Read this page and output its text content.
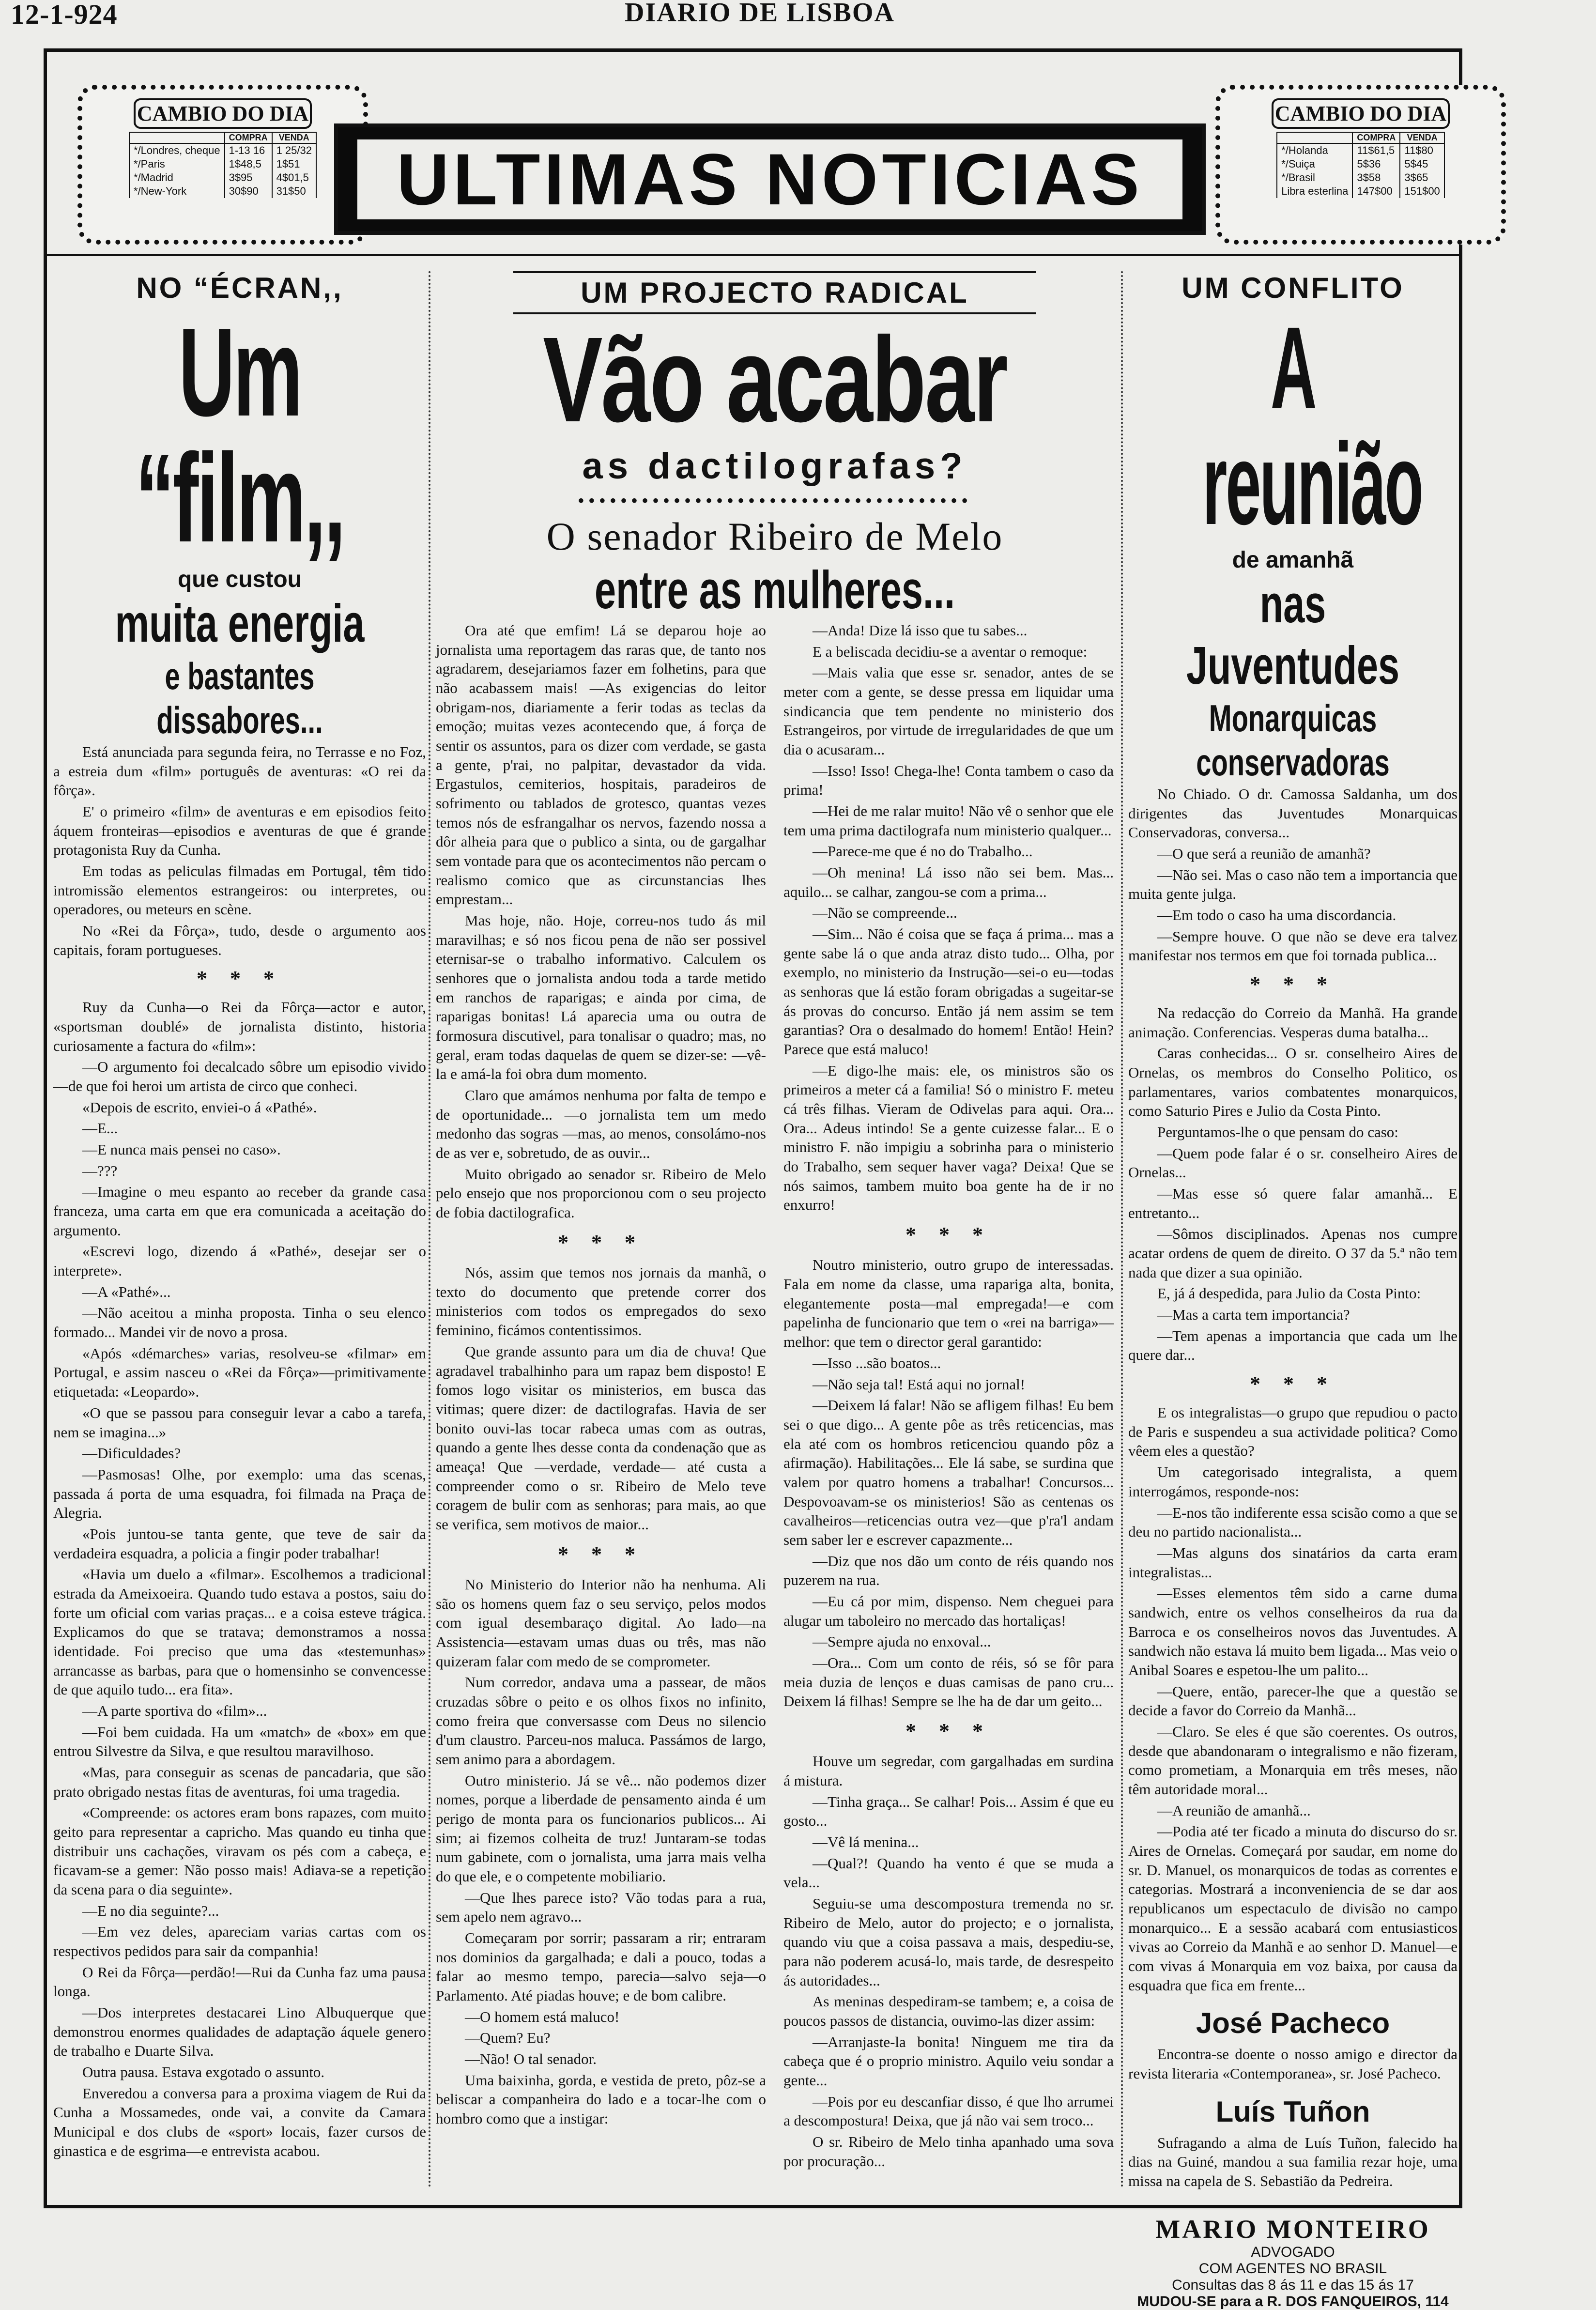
12-1-924	DIARIO DE LISBOA
CAMBIO DO DIA
	COMPRA	VENDA
*/Londres, cheque	1-13 16	1 25/32
*/Paris	1$48,5	1$51
*/Madrid	3$95	4$01,5
*/New-York	30$90	31$50
CAMBIO DO DIA
	COMPRA	VENDA
*/Holanda	11$61,5	11$80
*/Suiça	5$36	5$45
*/Brasil	3$58	3$65
Libra esterlina	147$00	151$00
ULTIMAS NOTICIAS
NO “ÉCRAN,,
Um “film,,
que custou
muita energia
e bastantes dissabores...

Está anunciada para segunda feira, no Terrasse e no Foz, a estreia dum «film» português de aventuras: «O rei da fôrça».

E' o primeiro «film» de aventuras e em episodios feito áquem fronteiras—episodios e aventuras de que é grande protagonista Ruy da Cunha.

Em todas as peliculas filmadas em Portugal, têm tido intromissão elementos estrangeiros: ou interpretes, ou operadores, ou meteurs en scène.

No «Rei da Fôrça», tudo, desde o argumento aos capitais, foram portugueses.

* * *

Ruy da Cunha—o Rei da Fôrça—actor e autor, «sportsman doublé» de jornalista distinto, historia curiosamente a factura do «film»:

—O argumento foi decalcado sôbre um episodio vivido—de que foi heroi um artista de circo que conheci.

«Depois de escrito, enviei-o á «Pathé».

—E...

—E nunca mais pensei no caso».

—???

—Imagine o meu espanto ao receber da grande casa franceza, uma carta em que era comunicada a aceitação do argumento.

«Escrevi logo, dizendo á «Pathé», desejar ser o interprete».

—A «Pathé»...

—Não aceitou a minha proposta. Tinha o seu elenco formado... Mandei vir de novo a prosa.

«Após «démarches» varias, resolveu-se «filmar» em Portugal, e assim nasceu o «Rei da Fôrça»—primitivamente etiquetada: «Leopardo».

«O que se passou para conseguir levar a cabo a tarefa, nem se imagina...»

—Dificuldades?

—Pasmosas! Olhe, por exemplo: uma das scenas, passada á porta de uma esquadra, foi filmada na Praça de Alegria.

«Pois juntou-se tanta gente, que teve de sair da verdadeira esquadra, a policia a fingir poder trabalhar!

«Havia um duelo a «filmar». Escolhemos a tradicional estrada da Ameixoeira. Quando tudo estava a postos, saiu do forte um oficial com varias praças... e a coisa esteve trágica. Explicamos do que se tratava; demonstramos a nossa identidade. Foi preciso que uma das «testemunhas» arrancasse as barbas, para que o homensinho se convencesse de que aquilo tudo... era fita».

—A parte sportiva do «film»...

—Foi bem cuidada. Ha um «match» de «box» em que entrou Silvestre da Silva, e que resultou maravilhoso.

«Mas, para conseguir as scenas de pancadaria, que são prato obrigado nestas fitas de aventuras, foi uma tragedia.

«Compreende: os actores eram bons rapazes, com muito geito para representar a capricho. Mas quando eu tinha que distribuir uns cachações, viravam os pés com a cabeça, e ficavam-se a gemer: Não posso mais! Adiava-se a repetição da scena para o dia seguinte».

—E no dia seguinte?...

—Em vez deles, apareciam varias cartas com os respectivos pedidos para sair da companhia!

O Rei da Fôrça—perdão!—Rui da Cunha faz uma pausa longa.

—Dos interpretes destacarei Lino Albuquerque que demonstrou enormes qualidades de adaptação áquele genero de trabalho e Duarte Silva.

Outra pausa. Estava exgotado o assunto.

Enveredou a conversa para a proxima viagem de Rui da Cunha a Mossamedes, onde vai, a convite da Camara Municipal e dos clubs de «sport» locais, fazer cursos de ginastica e de esgrima—e entrevista acabou.

UM PROJECTO RADICAL
Vão acabar
as dactilografas?
•••••••••••••••••••••••••••••••••••••
O senador Ribeiro de Melo
entre as mulheres...

Ora até que emfim! Lá se deparou hoje ao jornalista uma reportagem das raras que, de tanto nos agradarem, desejariamos fazer em folhetins, para que não acabassem mais! —As exigencias do leitor obrigam-nos, diariamente a ferir todas as teclas da emoção; muitas vezes acontecendo que, á força de sentir os assuntos, para os dizer com verdade, se gasta a gente, p'rai, no palpitar, devastador da vida. Ergastulos, cemiterios, hospitais, paradeiros de sofrimento ou tablados de grotesco, quantas vezes temos nós de esfrangalhar os nervos, fazendo nossa a dôr alheia para que o publico a sinta, ou de gargalhar sem vontade para que os acontecimentos não percam o realismo comico que as circunstancias lhes emprestam...

Mas hoje, não. Hoje, correu-nos tudo ás mil maravilhas; e só nos ficou pena de não ser possivel eternisar-se o trabalho informativo. Calculem os senhores que o jornalista andou toda a tarde metido em ranchos de raparigas; e ainda por cima, de raparigas bonitas! Lá aparecia uma ou outra de formosura discutivel, para tonalisar o quadro; mas, no geral, eram todas daquelas de quem se dizer-se: —vê-la e amá-la foi obra dum momento.

Claro que amámos nenhuma por falta de tempo e de oportunidade... —o jornalista tem um medo medonho das sogras —mas, ao menos, consolámo-nos de as ver e, sobretudo, de as ouvir...

Muito obrigado ao senador sr. Ribeiro de Melo pelo ensejo que nos proporcionou com o seu projecto de fobia dactilografica.

* * *

Nós, assim que temos nos jornais da manhã, o texto do documento que pretende correr dos ministerios com todos os empregados do sexo feminino, ficámos contentissimos.

Que grande assunto para um dia de chuva! Que agradavel trabalhinho para um rapaz bem disposto! E fomos logo visitar os ministerios, em busca das vitimas; quere dizer: de dactilografas. Havia de ser bonito ouvi-las tocar rabeca umas com as outras, quando a gente lhes desse conta da condenação que as ameaça! Que —verdade, verdade— até custa a compreender como o sr. Ribeiro de Melo teve coragem de bulir com as senhoras; para mais, ao que se verifica, sem motivos de maior...

* * *

No Ministerio do Interior não ha nenhuma. Ali são os homens quem faz o seu serviço, pelos modos com igual desembaraço digital. Ao lado—na Assistencia—estavam umas duas ou três, mas não quizeram falar com medo de se comprometer.

Num corredor, andava uma a passear, de mãos cruzadas sôbre o peito e os olhos fixos no infinito, como freira que conversasse com Deus no silencio d'um claustro. Parceu-nos maluca. Passámos de largo, sem animo para a abordagem.

Outro ministerio. Já se vê... não podemos dizer nomes, porque a liberdade de pensamento ainda é um perigo de monta para os funcionarios publicos... Ai sim; ai fizemos colheita de truz! Juntaram-se todas num gabinete, com o jornalista, uma jarra mais velha do que ele, e o competente mobiliario.

—Que lhes parece isto? Vão todas para a rua, sem apelo nem agravo...

Começaram por sorrir; passaram a rir; entraram nos dominios da gargalhada; e dali a pouco, todas a falar ao mesmo tempo, parecia—salvo seja—o Parlamento. Até piadas houve; e de bom calibre.

—O homem está maluco!

—Quem? Eu?

—Não! O tal senador.

Uma baixinha, gorda, e vestida de preto, pôz-se a beliscar a companheira do lado e a tocar-lhe com o hombro como que a instigar:

—Anda! Dize lá isso que tu sabes...

E a beliscada decidiu-se a aventar o remoque:

—Mais valia que esse sr. senador, antes de se meter com a gente, se desse pressa em liquidar uma sindicancia que tem pendente no ministerio dos Estrangeiros, por virtude de irregularidades de que um dia o acusaram...

—Isso! Isso! Chega-lhe! Conta tambem o caso da prima!

—Hei de me ralar muito! Não vê o senhor que ele tem uma prima dactilografa num ministerio qualquer...

—Parece-me que é no do Trabalho...

—Oh menina! Lá isso não sei bem. Mas... aquilo... se calhar, zangou-se com a prima...

—Não se compreende...

—Sim... Não é coisa que se faça á prima... mas a gente sabe lá o que anda atraz disto tudo... Olha, por exemplo, no ministerio da Instrução—sei-o eu—todas as senhoras que lá estão foram obrigadas a sugeitar-se ás provas do concurso. Então já nem assim se tem garantias? Ora o desalmado do homem! Então! Hein? Parece que está maluco!

—E digo-lhe mais: ele, os ministros são os primeiros a meter cá a familia! Só o ministro F. meteu cá três filhas. Vieram de Odivelas para aqui. Ora... Ora... Adeus intindo! Se a gente cuizesse falar... E o ministro F. não impigiu a sobrinha para o ministerio do Trabalho, sem sequer haver vaga? Deixa! Que se nós saimos, tambem muito boa gente ha de ir no enxurro!

* * *

Noutro ministerio, outro grupo de interessadas. Fala em nome da classe, uma rapariga alta, bonita, elegantemente posta—mal empregada!—e com papelinha de funcionario que tem o «rei na barriga»—melhor: que tem o director geral garantido:

—Isso ...são boatos...

—Não seja tal! Está aqui no jornal!

—Deixem lá falar! Não se afligem filhas! Eu bem sei o que digo... A gente pôe as três reticencias, mas ela até com os hombros reticenciou quando pôz a afirmação). Habilitações... Ele lá sabe, se surdina que valem por quatro homens a trabalhar! Concursos... Despovoavam-se os ministerios! São as centenas os cavalheiros—reticencias outra vez—que p'ra'l andam sem saber ler e escrever capazmente...

—Diz que nos dão um conto de réis quando nos puzerem na rua.

—Eu cá por mim, dispenso. Nem cheguei para alugar um taboleiro no mercado das hortaliças!

—Sempre ajuda no enxoval...

—Ora... Com um conto de réis, só se fôr para meia duzia de lenços e duas camisas de pano cru... Deixem lá filhas! Sempre se lhe ha de dar um geito...

* * *

Houve um segredar, com gargalhadas em surdina á mistura.

—Tinha graça... Se calhar! Pois... Assim é que eu gosto...

—Vê lá menina...

—Qual?! Quando ha vento é que se muda a vela...

Seguiu-se uma descompostura tremenda no sr. Ribeiro de Melo, autor do projecto; e o jornalista, quando viu que a coisa passava a mais, despediu-se, para não poderem acusá-lo, mais tarde, de desrespeito ás autoridades...

As meninas despediram-se tambem; e, a coisa de poucos passos de distancia, ouvimo-las dizer assim:

—Arranjaste-la bonita! Ninguem me tira da cabeça que é o proprio ministro. Aquilo veiu sondar a gente...

—Pois por eu descanfiar disso, é que lho arrumei a descompostura! Deixa, que já não vai sem troco...

O sr. Ribeiro de Melo tinha apanhado uma sova por procuração...

UM CONFLITO
A reunião
de amanhã
nas Juventudes
Monarquicas conservadoras

No Chiado. O dr. Camossa Saldanha, um dos dirigentes das Juventudes Monarquicas Conservadoras, conversa...

—O que será a reunião de amanhã?

—Não sei. Mas o caso não tem a importancia que muita gente julga.

—Em todo o caso ha uma discordancia.

—Sempre houve. O que não se deve era talvez manifestar nos termos em que foi tornada publica...

* * *

Na redacção do Correio da Manhã. Ha grande animação. Conferencias. Vesperas duma batalha...

Caras conhecidas... O sr. conselheiro Aires de Ornelas, os membros do Conselho Politico, os parlamentares, varios combatentes monarquicos, como Saturio Pires e Julio da Costa Pinto.

Perguntamos-lhe o que pensam do caso:

—Quem pode falar é o sr. conselheiro Aires de Ornelas...

—Mas esse só quere falar amanhã... E entretanto...

—Sômos disciplinados. Apenas nos cumpre acatar ordens de quem de direito. O 37 da 5.ª não tem nada que dizer a sua opinião.

E, já á despedida, para Julio da Costa Pinto:

—Mas a carta tem importancia?

—Tem apenas a importancia que cada um lhe quere dar...

* * *

E os integralistas—o grupo que repudiou o pacto de Paris e suspendeu a sua actividade politica? Como vêem eles a questão?

Um categorisado integralista, a quem interrogámos, responde-nos:

—E-nos tão indiferente essa scisão como a que se deu no partido nacionalista...

—Mas alguns dos sinatários da carta eram integralistas...

—Esses elementos têm sido a carne duma sandwich, entre os velhos conselheiros da rua da Barroca e os conselheiros novos das Juventudes. A sandwich não estava lá muito bem ligada... Mas veio o Anibal Soares e espetou-lhe um palito...

—Quere, então, parecer-lhe que a questão se decide a favor do Correio da Manhã...

—Claro. Se eles é que são coerentes. Os outros, desde que abandonaram o integralismo e não fizeram, como prometiam, a Monarquia em três meses, não têm autoridade moral...

—A reunião de amanhã...

—Podia até ter ficado a minuta do discurso do sr. Aires de Ornelas. Começará por saudar, em nome do sr. D. Manuel, os monarquicos de todas as correntes e categorias. Mostrará a inconveniencia de se dar aos republicanos um espectaculo de divisão no campo monarquico... E a sessão acabará com entusiasticos vivas ao Correio da Manhã e ao senhor D. Manuel—e com vivas á Monarquia em voz baixa, por causa da esquadra que fica em frente...

José Pacheco

Encontra-se doente o nosso amigo e director da revista literaria «Contemporanea», sr. José Pacheco.

Luís Tuñon

Sufragando a alma de Luís Tuñon, falecido ha dias na Guiné, mandou a sua familia rezar hoje, uma missa na capela de S. Sebastião da Pedreira.

MARIO MONTEIRO
ADVOGADO
COM AGENTES NO BRASIL
Consultas das 8 ás 11 e das 15 ás 17
MUDOU-SE para a R. DOS FANQUEIROS, 114
